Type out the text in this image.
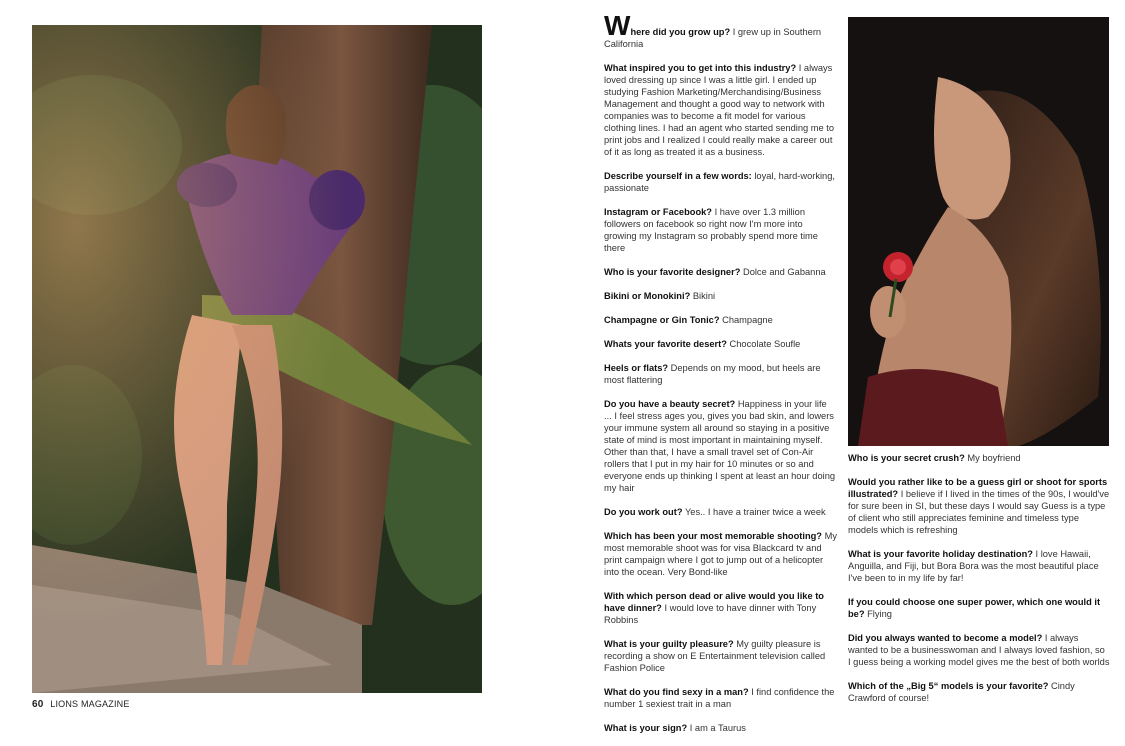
Where did you grow up? I grew up in Southern California

What inspired you to get into this industry? I always loved dressing up since I was a little girl. I ended up studying Fashion Marketing/Merchandising/Business Management and thought a good way to network with companies was to become a fit model for various clothing lines. I had an agent who started sending me to print jobs and I realized I could really make a career out of it as long as treated it as a business.

Describe yourself in a few words: loyal, hard-working, passionate

Instagram or Facebook? I have over 1.3 million followers on facebook so right now I'm more into growing my Instagram so probably spend more time there

Who is your favorite designer? Dolce and Gabanna

Bikini or Monokini? Bikini

Champagne or Gin Tonic? Champagne

Whats your favorite desert? Chocolate Soufle

Heels or flats? Depends on my mood, but heels are most flattering

Do you have a beauty secret? Happiness in your life ... I feel stress ages you, gives you bad skin, and lowers your immune system all around so staying in a positive state of mind is most important in maintaining myself. Other than that, I have a small travel set of Con-Air rollers that I put in my hair for 10 minutes or so and everyone ends up thinking I spent at least an hour doing my hair

Do you work out? Yes.. I have a trainer twice a week

Which has been your most memorable shooting? My most memorable shoot was for visa Blackcard tv and print campaign where I got to jump out of a helicopter into the ocean. Very Bond-like

With which person dead or alive would you like to have dinner? I would love to have dinner with Tony Robbins

What is your guilty pleasure? My guilty pleasure is recording a show on E Entertainment television called Fashion Police

What do you find sexy in a man? I find confidence the number 1 sexiest trait in a man

What is your sign? I am a Taurus

Who is your secret crush? My boyfriend

Would you rather like to be a guess girl or shoot for sports illustrated? I believe if I lived in the times of the 90s, I would've for sure been in SI, but these days I would say Guess is a type of client who still appreciates feminine and timeless type models which is refreshing

What is your favorite holiday destination? I love Hawaii, Anguilla, and Fiji, but Bora Bora was the most beautiful place I've been to in my life by far!

If you could choose one super power, which one would it be? Flying

Did you always wanted to become a model? I always wanted to be a businesswoman and I always loved fashion, so I guess being a working model gives me the best of both worlds

Which of the „Big 5“ models is your favorite? Cindy Crawford of course!

60 LIONS MAGAZINE
